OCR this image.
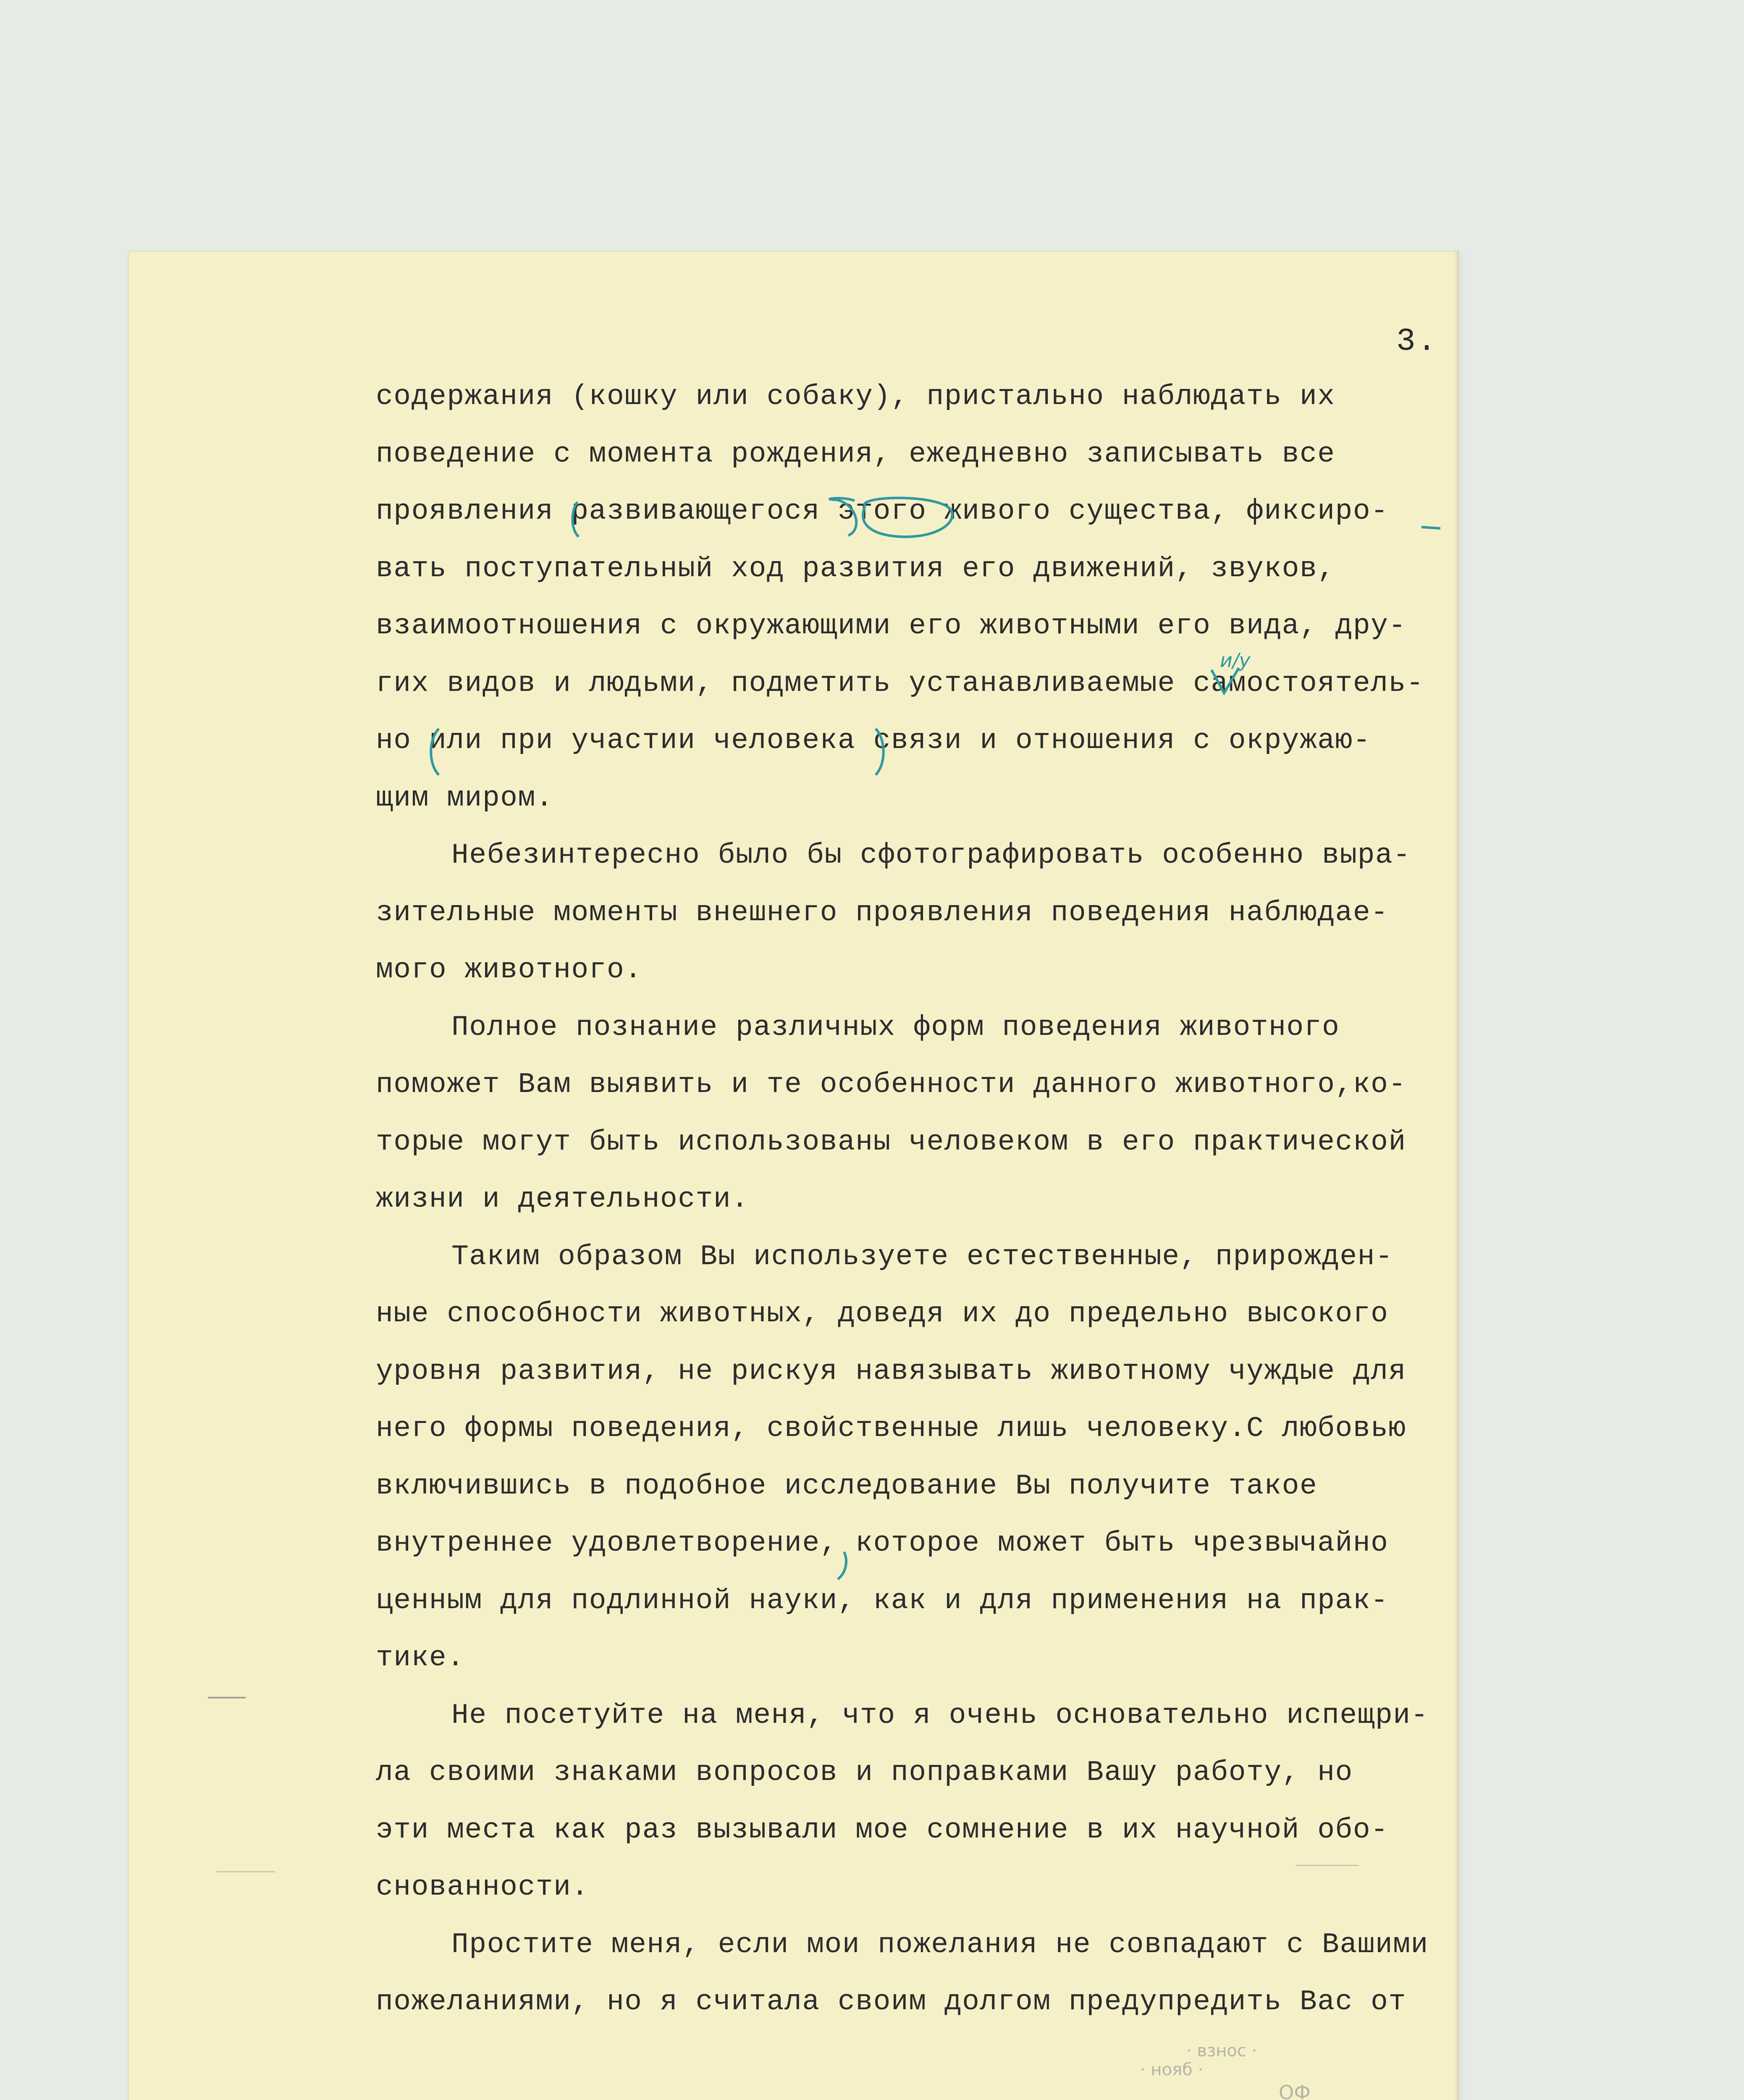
3.
содержания (кошку или собаку), пристально наблюдать их
поведение с момента рождения, ежедневно записывать все
проявления развивающегося этого живого существа, фиксиро-
вать поступательный ход развития его движений, звуков,
взаимоотношения с окружающими его животными его вида, дру-
гих видов и людьми, подметить устанавливаемые самостоятель-
но или при участии человека связи и отношения с окружаю-
щим миром.
Небезинтересно было бы сфотографировать особенно выра-
зительные моменты внешнего проявления поведения наблюдае-
мого животного.
Полное познание различных форм поведения животного
поможет Вам выявить и те особенности данного животного,ко-
торые могут быть использованы человеком в его практической
жизни и деятельности.
Таким образом Вы используете естественные, прирожден-
ные способности животных, доведя их до предельно высокого
уровня развития, не рискуя навязывать животному чуждые для
него формы поведения, свойственные лишь человеку.С любовью
включившись в подобное исследование Вы получите такое
внутреннее удовлетворение, которое может быть чрезвычайно
ценным для подлинной науки, как и для применения на прак-
тике.
Не посетуйте на меня, что я очень основательно испещри-
ла своими знаками вопросов и поправками Вашу работу, но
эти места как раз вызывали мое сомнение в их научной обо-
снованности.
Простите меня, если мои пожелания не совпадают с Вашими
пожеланиями, но я считала своим долгом предупредить Вас от
и/у
· взнос ·
· нояб ·
ОФ
